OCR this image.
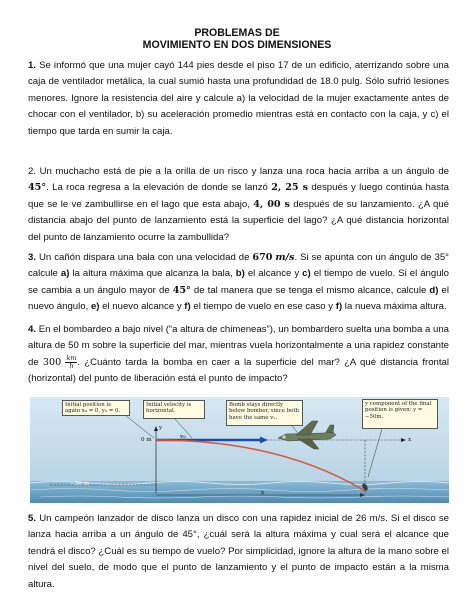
PROBLEMAS DE
MOVIMIENTO EN DOS DIMENSIONES
1. Se informó que una mujer cayó 144 pies desde el piso 17 de un edificio, aterrizando sobre una caja de ventilador metálica, la cual sumió hasta una profundidad de 18.0 pulg. Sólo sufrió lesiones menores. Ignore la resistencia del aire y calcule a) la velocidad de la mujer exactamente antes de chocar con el ventilador, b) su aceleración promedio mientras está en contacto con la caja, y c) el tiempo que tarda en sumir la caja.
2. Un muchacho está de pie a la orilla de un risco y lanza una roca hacia arriba a un ángulo de 45°. La roca regresa a la elevación de donde se lanzó 2, 25 s después y luego continúa hasta que se le ve zambullirse en el lago que esta abajo, 4, 00 s después de su lanzamiento. ¿A qué distancia abajo del punto de lanzamiento está la superficie del lago? ¿A qué distancia horizontal del punto de lanzamiento ocurre la zambullida?
3. Un cañón dispara una bala con una velocidad de 670 m/s. Si se apunta con un ángulo de 35° calcule a) la altura máxima que alcanza la bala, b) el alcance y c) el tiempo de vuelo. Si el ángulo se cambia a un ángulo mayor de 45° de tal manera que se tenga el mismo alcance, calcule d) el nuevo ángulo, e) el nuevo alcance y f) el tiempo de vuelo en ese caso y f) la nueva máxima altura.
4. En el bombardeo a bajo nivel (“a altura de chimeneas”), un bombardero suelta una bomba a una altura de 50 m sobre la superficie del mar, mientras vuela horizontalmente a una rapidez constante de $300 \frac{km}{h}$ . ¿Cuánto tarda la bomba en caer a la superficie del mar? ¿A qué distancia frontal (horizontal) del punto de liberación está el punto de impacto?
Initial position is again x₀ = 0, y₀ = 0.
Initial velocity is horizontal.
Bomb stays directly below bomber, since both have the same vₓ.
y component of the final position is given: y = −50m.
y
x
0 m	v₀
x
−50 m
5. Un campeón lanzador de disco lanza un disco con una rapidez inicial de 26 m/s. Si el disco se lanza hacia arriba a un ángulo de 45°, ¿cuál será la altura máxima y cual será el alcance que tendrá el disco? ¿Cuál es su tiempo de vuelo? Por simplicidad, ignore la altura de la mano sobre el nivel del suelo, de modo que el punto de lanzamiento y el punto de impacto están a la misma altura.
